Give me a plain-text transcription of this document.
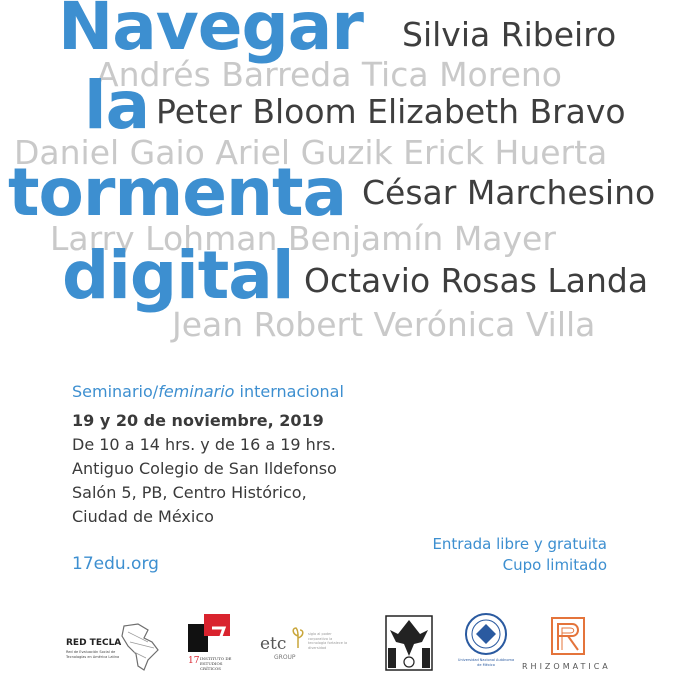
Navegar Silvia Ribeiro
Andrés Barreda Tica Moreno
la Peter Bloom Elizabeth Bravo
Daniel Gaio Ariel Guzik Erick Huerta
tormenta César Marchesino
Larry Lohman Benjamín Mayer
digital Octavio Rosas Landa
Jean Robert Verónica Villa
Seminario/feminario internacional
19 y 20 de noviembre, 2019
De 10 a 14 hrs. y de 16 a 19 hrs.
Antiguo Colegio de San Ildefonso
Salón 5, PB, Centro Histórico,
Ciudad de México
17edu.org
Entrada libre y gratuita
Cupo limitado
RED TECLA
Red de Evaluación Social de Tecnologías en América Latina	17 INSTITUTO DE ESTUDIOS CRÍTICOS
etc
GROUP
siglo al poder corporativo la tecnología fortalece la diversidad
Universidad Nacional Autónoma de México	RHIZOMATICA
